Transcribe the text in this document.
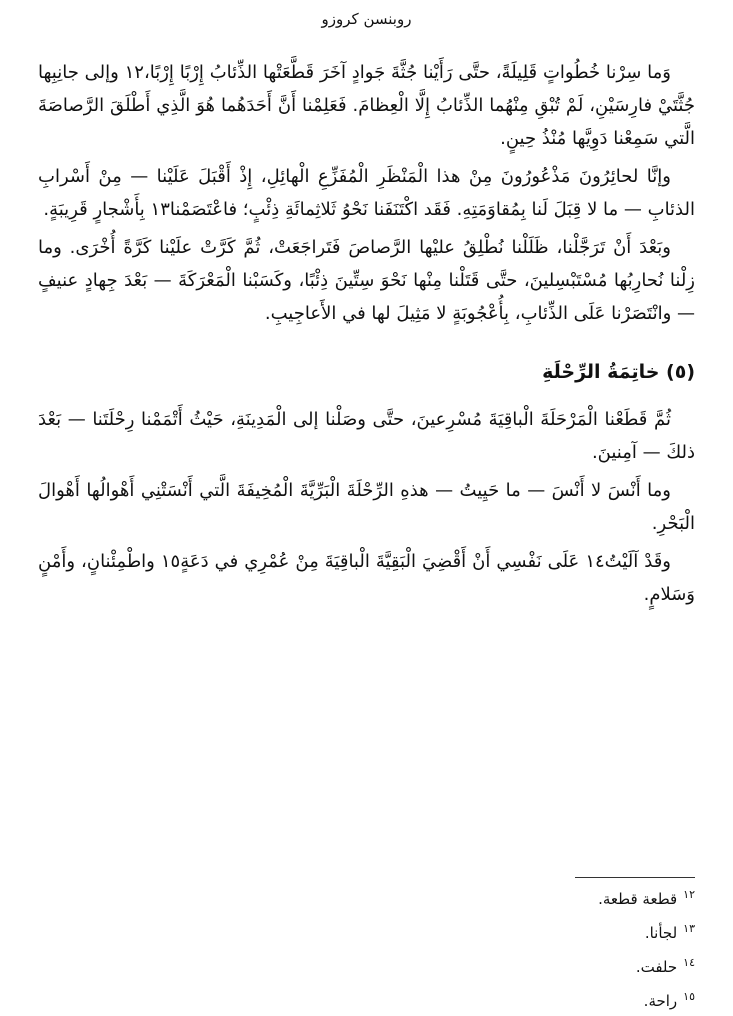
روبنسن كروزو

وَما سِرْنا خُطُواتٍ قَلِيلَةً، حتَّى رَأَيْنا جُثَّةَ جَوادٍ آخَرَ قَطَّعَتْها الذِّئابُ إِرْبًا إِرْبًا،١٢ وإلى جانِبِها جُثَّتَيْ فارِسَيْنِ، لَمْ تُبْقِ مِنْهُما الذِّئابُ إِلَّا الْعِظامَ. فَعَلِمْنا أَنَّ أَحَدَهُما هُوَ الَّذِي أَطْلَقَ الرَّصاصَةَ الَّتي سَمِعْنا دَوِيَّها مُنْذُ حِينٍ.

وإنَّا لحائِرُونَ مَذْعُورُونَ مِنْ هذا الْمَنْظَرِ الْمُفَزِّعِ الْهائِلِ، إِذْ أَقْبَلَ عَلَيْنا — مِنْ أَسْرابِ الذئابِ — ما لا قِبَلَ لَنا بِمُقاوَمَتِهِ. فَقَد اكْتَنَفَنا نَحْوُ ثَلاثِمائَةِ ذِئْبٍ؛ فاعْتَصَمْنا١٣ بِأَشْجارٍ قَرِيبَةٍ.

وبَعْدَ أَنْ تَرَجَّلْنا، ظَلَلْنا نُطْلِقُ عليْها الرَّصاصَ فَتَراجَعَتْ، ثُمَّ كَرَّتْ علَيْنا كَرَّةً أُخْرَى. وما زِلْنا نُحارِبُها مُسْتَبْسِلينَ، حتَّى قَتَلْنا مِنْها نَحْوَ سِتِّينَ ذِئْبًا، وكَسَبْنا الْمَعْرَكَةَ — بَعْدَ جِهادٍ عنيفٍ — وانْتَصَرْنا عَلَى الذِّئابِ، بِأُعْجُوبَةٍ لا مَثِيلَ لها في الأَعاجِيبِ.

(٥) خاتِمَةُ الرِّحْلَةِ

ثُمَّ قَطَعْنا الْمَرْحَلَةَ الْباقِيَةَ مُسْرِعينَ، حتَّى وصَلْنا إلى الْمَدِينَةِ، حَيْثُ أَتْمَمْنا رِحْلَتَنا — بَعْدَ ذلكَ — آمِنينَ.

وما أَنْسَ لا أَنْسَ — ما حَيِيتُ — هذهِ الرِّحْلَةَ الْبَرِّيَّةَ الْمُخِيفَةَ الَّتي أَنْسَتْنِي أَهْوالُها أَهْوالَ الْبَحْرِ.

وقَدْ آلَيْتُ١٤ عَلَى نَفْسِي أَنْ أَقْضِيَ الْبَقِيَّةَ الْباقِيَةَ مِنْ عُمْرِي في دَعَةٍ١٥ واطْمِئْنانٍ، وأَمْنٍ وَسَلامٍ.

$^{١٢}$قطعة قطعة.

$^{١٣}$لجأنا.

$^{١٤}$حلفت.

$^{١٥}$راحة.
